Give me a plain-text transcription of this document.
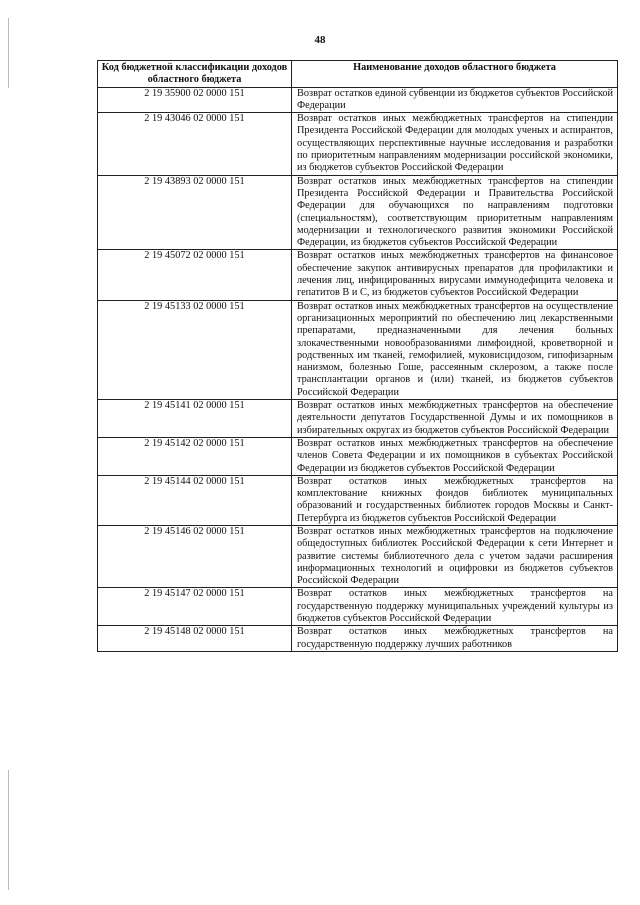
48
Код бюджетной классификации доходов областного бюджета	Наименование доходов областного бюджета
2 19 35900 02 0000 151	Возврат остатков единой субвенции из бюджетов субъектов Российской Федерации
2 19 43046 02 0000 151	Возврат остатков иных межбюджетных трансфертов на стипендии Президента Российской Федерации для молодых ученых и аспирантов, осуществляющих перспективные научные исследования и разработки по приоритетным направлениям модернизации российской экономики, из бюджетов субъектов Российской Федерации
2 19 43893 02 0000 151	Возврат остатков иных межбюджетных трансфертов на стипендии Президента Российской Федерации и Правительства Российской Федерации для обучающихся по направлениям подготовки (специальностям), соответствующим приоритетным направлениям модернизации и технологического развития экономики Российской Федерации, из бюджетов субъектов Российской Федерации
2 19 45072 02 0000 151	Возврат остатков иных межбюджетных трансфертов на финансовое обеспечение закупок антивирусных препаратов для профилактики и лечения лиц, инфицированных вирусами иммунодефицита человека и гепатитов В и С, из бюджетов субъектов Российской Федерации
2 19 45133 02 0000 151	Возврат остатков иных межбюджетных трансфертов на осуществление организационных мероприятий по обеспечению лиц лекарственными препаратами, предназначенными для лечения больных злокачественными новообразованиями лимфоидной, кроветворной и родственных им тканей, гемофилией, муковисцидозом, гипофизарным нанизмом, болезнью Гоше, рассеянным склерозом, а также после трансплантации органов и (или) тканей, из бюджетов субъектов Российской Федерации
2 19 45141 02 0000 151	Возврат остатков иных межбюджетных трансфертов на обеспечение деятельности депутатов Государственной Думы и их помощников в избирательных округах из бюджетов субъектов Российской Федерации
2 19 45142 02 0000 151	Возврат остатков иных межбюджетных трансфертов на обеспечение членов Совета Федерации и их помощников в субъектах Российской Федерации из бюджетов субъектов Российской Федерации
2 19 45144 02 0000 151	Возврат остатков иных межбюджетных трансфертов на комплектование книжных фондов библиотек муниципальных образований и государственных библиотек городов Москвы и Санкт-Петербурга из бюджетов субъектов Российской Федерации
2 19 45146 02 0000 151	Возврат остатков иных межбюджетных трансфертов на подключение общедоступных библиотек Российской Федерации к сети Интернет и развитие системы библиотечного дела с учетом задачи расширения информационных технологий и оцифровки из бюджетов субъектов Российской Федерации
2 19 45147 02 0000 151	Возврат остатков иных межбюджетных трансфертов на государственную поддержку муниципальных учреждений культуры из бюджетов субъектов Российской Федерации
2 19 45148 02 0000 151	Возврат остатков иных межбюджетных трансфертов на государственную поддержку лучших работников
